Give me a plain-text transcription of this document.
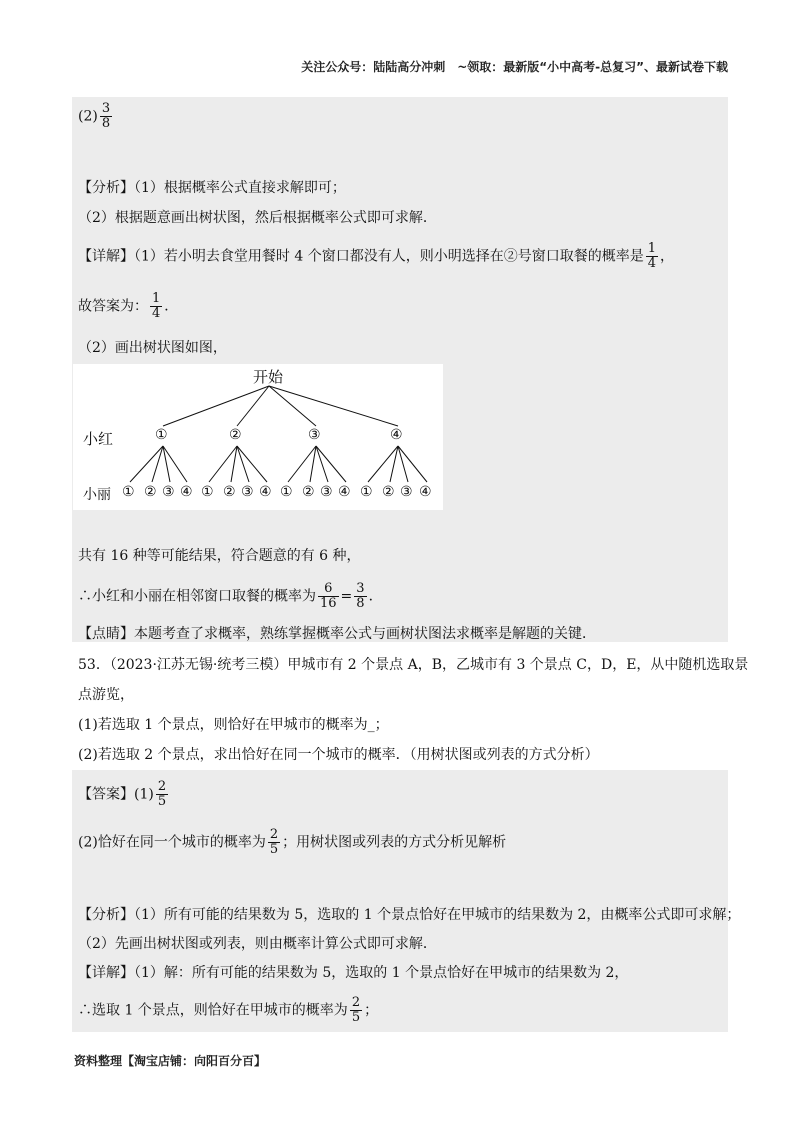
关注公众号：陆陆高分冲刺　~领取：最新版“小中高考-总复习”、最新试卷下载
$(2) \frac{3}{8}$
【分析】（1）根据概率公式直接求解即可；
（2）根据题意画出树状图，然后根据概率公式即可求解．
【详解】（1）若小明去食堂用餐时 4 个窗口都没有人，则小明选择在②号窗口取餐的概率是 $\frac{1}{4}$ ，
故答案为： $\frac{1}{4}$ ．
（2）画出树状图如图，
开始
小红
小丽
①	②	③	④
① ② ③ ④ ① ② ③ ④ ① ② ③ ④ ① ② ③ ④
共有 16 种等可能结果，符合题意的有 6 种，
∴小红和小丽在相邻窗口取餐的概率为 $\frac{6}{16} = \frac{3}{8}$ ．
【点睛】本题考查了求概率，熟练掌握概率公式与画树状图法求概率是解题的关键．
53．（2023·江苏无锡·统考三模）甲城市有 2 个景点 A，B，乙城市有 3 个景点 C，D，E，从中随机选取景
点游览，
(1)若选取 1 个景点，则恰好在甲城市的概率为_；
(2)若选取 2 个景点，求出恰好在同一个城市的概率．（用树状图或列表的方式分析）
【答案】$(1) \frac{2}{5}$
(2)恰好在同一个城市的概率为 $\frac{2}{5}$ ；用树状图或列表的方式分析见解析
【分析】（1）所有可能的结果数为 5，选取的 1 个景点恰好在甲城市的结果数为 2，由概率公式即可求解；
（2）先画出树状图或列表，则由概率计算公式即可求解．
【详解】（1）解：所有可能的结果数为 5，选取的 1 个景点恰好在甲城市的结果数为 2，
∴选取 1 个景点，则恰好在甲城市的概率为 $\frac{2}{5}$ ；
资料整理【淘宝店铺：向阳百分百】
